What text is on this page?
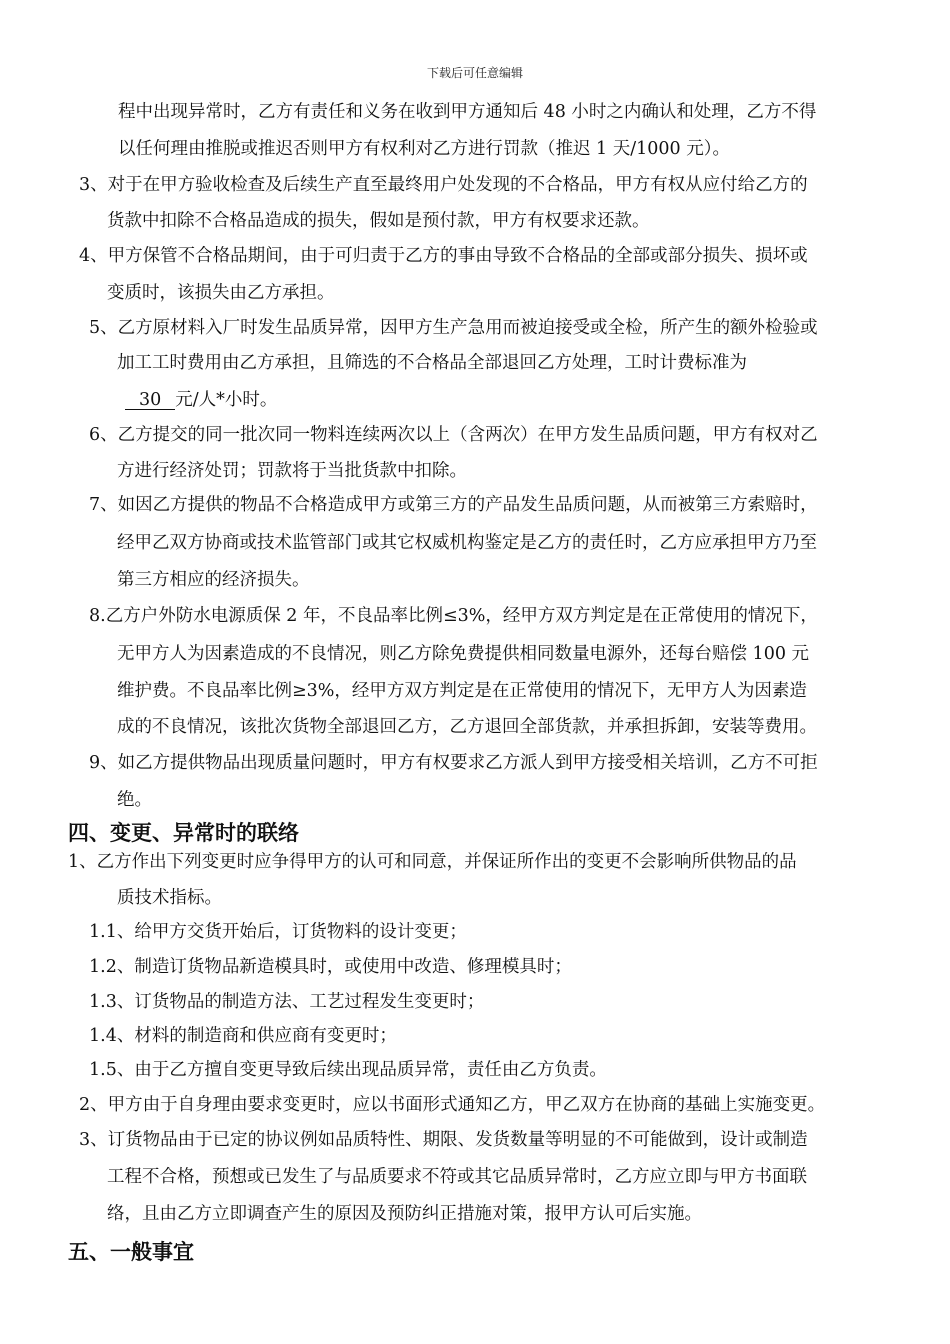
下载后可任意编辑
程中出现异常时，乙方有责任和义务在收到甲方通知后 48 小时之内确认和处理，乙方不得
以任何理由推脱或推迟否则甲方有权利对乙方进行罚款（推迟 1 天/1000 元）。
3、对于在甲方验收检查及后续生产直至最终用户处发现的不合格品，甲方有权从应付给乙方的
货款中扣除不合格品造成的损失，假如是预付款，甲方有权要求还款。
4、甲方保管不合格品期间，由于可归责于乙方的事由导致不合格品的全部或部分损失、损坏或
变质时，该损失由乙方承担。
5、乙方原材料入厂时发生品质异常，因甲方生产急用而被迫接受或全检，所产生的额外检验或
加工工时费用由乙方承担，且筛选的不合格品全部退回乙方处理，工时计费标准为
30 元/人*小时。
6、乙方提交的同一批次同一物料连续两次以上（含两次）在甲方发生品质问题，甲方有权对乙
方进行经济处罚；罚款将于当批货款中扣除。
7、如因乙方提供的物品不合格造成甲方或第三方的产品发生品质问题，从而被第三方索赔时，
经甲乙双方协商或技术监管部门或其它权威机构鉴定是乙方的责任时，乙方应承担甲方乃至
第三方相应的经济损失。
8.乙方户外防水电源质保 2 年，不良品率比例≤3%，经甲方双方判定是在正常使用的情况下，
无甲方人为因素造成的不良情况，则乙方除免费提供相同数量电源外，还每台赔偿 100 元
维护费。不良品率比例≥3%，经甲方双方判定是在正常使用的情况下，无甲方人为因素造
成的不良情况，该批次货物全部退回乙方，乙方退回全部货款，并承担拆卸，安装等费用。
9、如乙方提供物品出现质量问题时，甲方有权要求乙方派人到甲方接受相关培训，乙方不可拒
绝。
四、变更、异常时的联络
1、乙方作出下列变更时应争得甲方的认可和同意，并保证所作出的变更不会影响所供物品的品
质技术指标。
1.1、给甲方交货开始后，订货物料的设计变更；
1.2、制造订货物品新造模具时，或使用中改造、修理模具时；
1.3、订货物品的制造方法、工艺过程发生变更时；
1.4、材料的制造商和供应商有变更时；
1.5、由于乙方擅自变更导致后续出现品质异常，责任由乙方负责。
2、甲方由于自身理由要求变更时，应以书面形式通知乙方，甲乙双方在协商的基础上实施变更。
3、订货物品由于已定的协议例如品质特性、期限、发货数量等明显的不可能做到，设计或制造
工程不合格，预想或已发生了与品质要求不符或其它品质异常时，乙方应立即与甲方书面联
络，且由乙方立即调查产生的原因及预防纠正措施对策，报甲方认可后实施。
五、一般事宜
